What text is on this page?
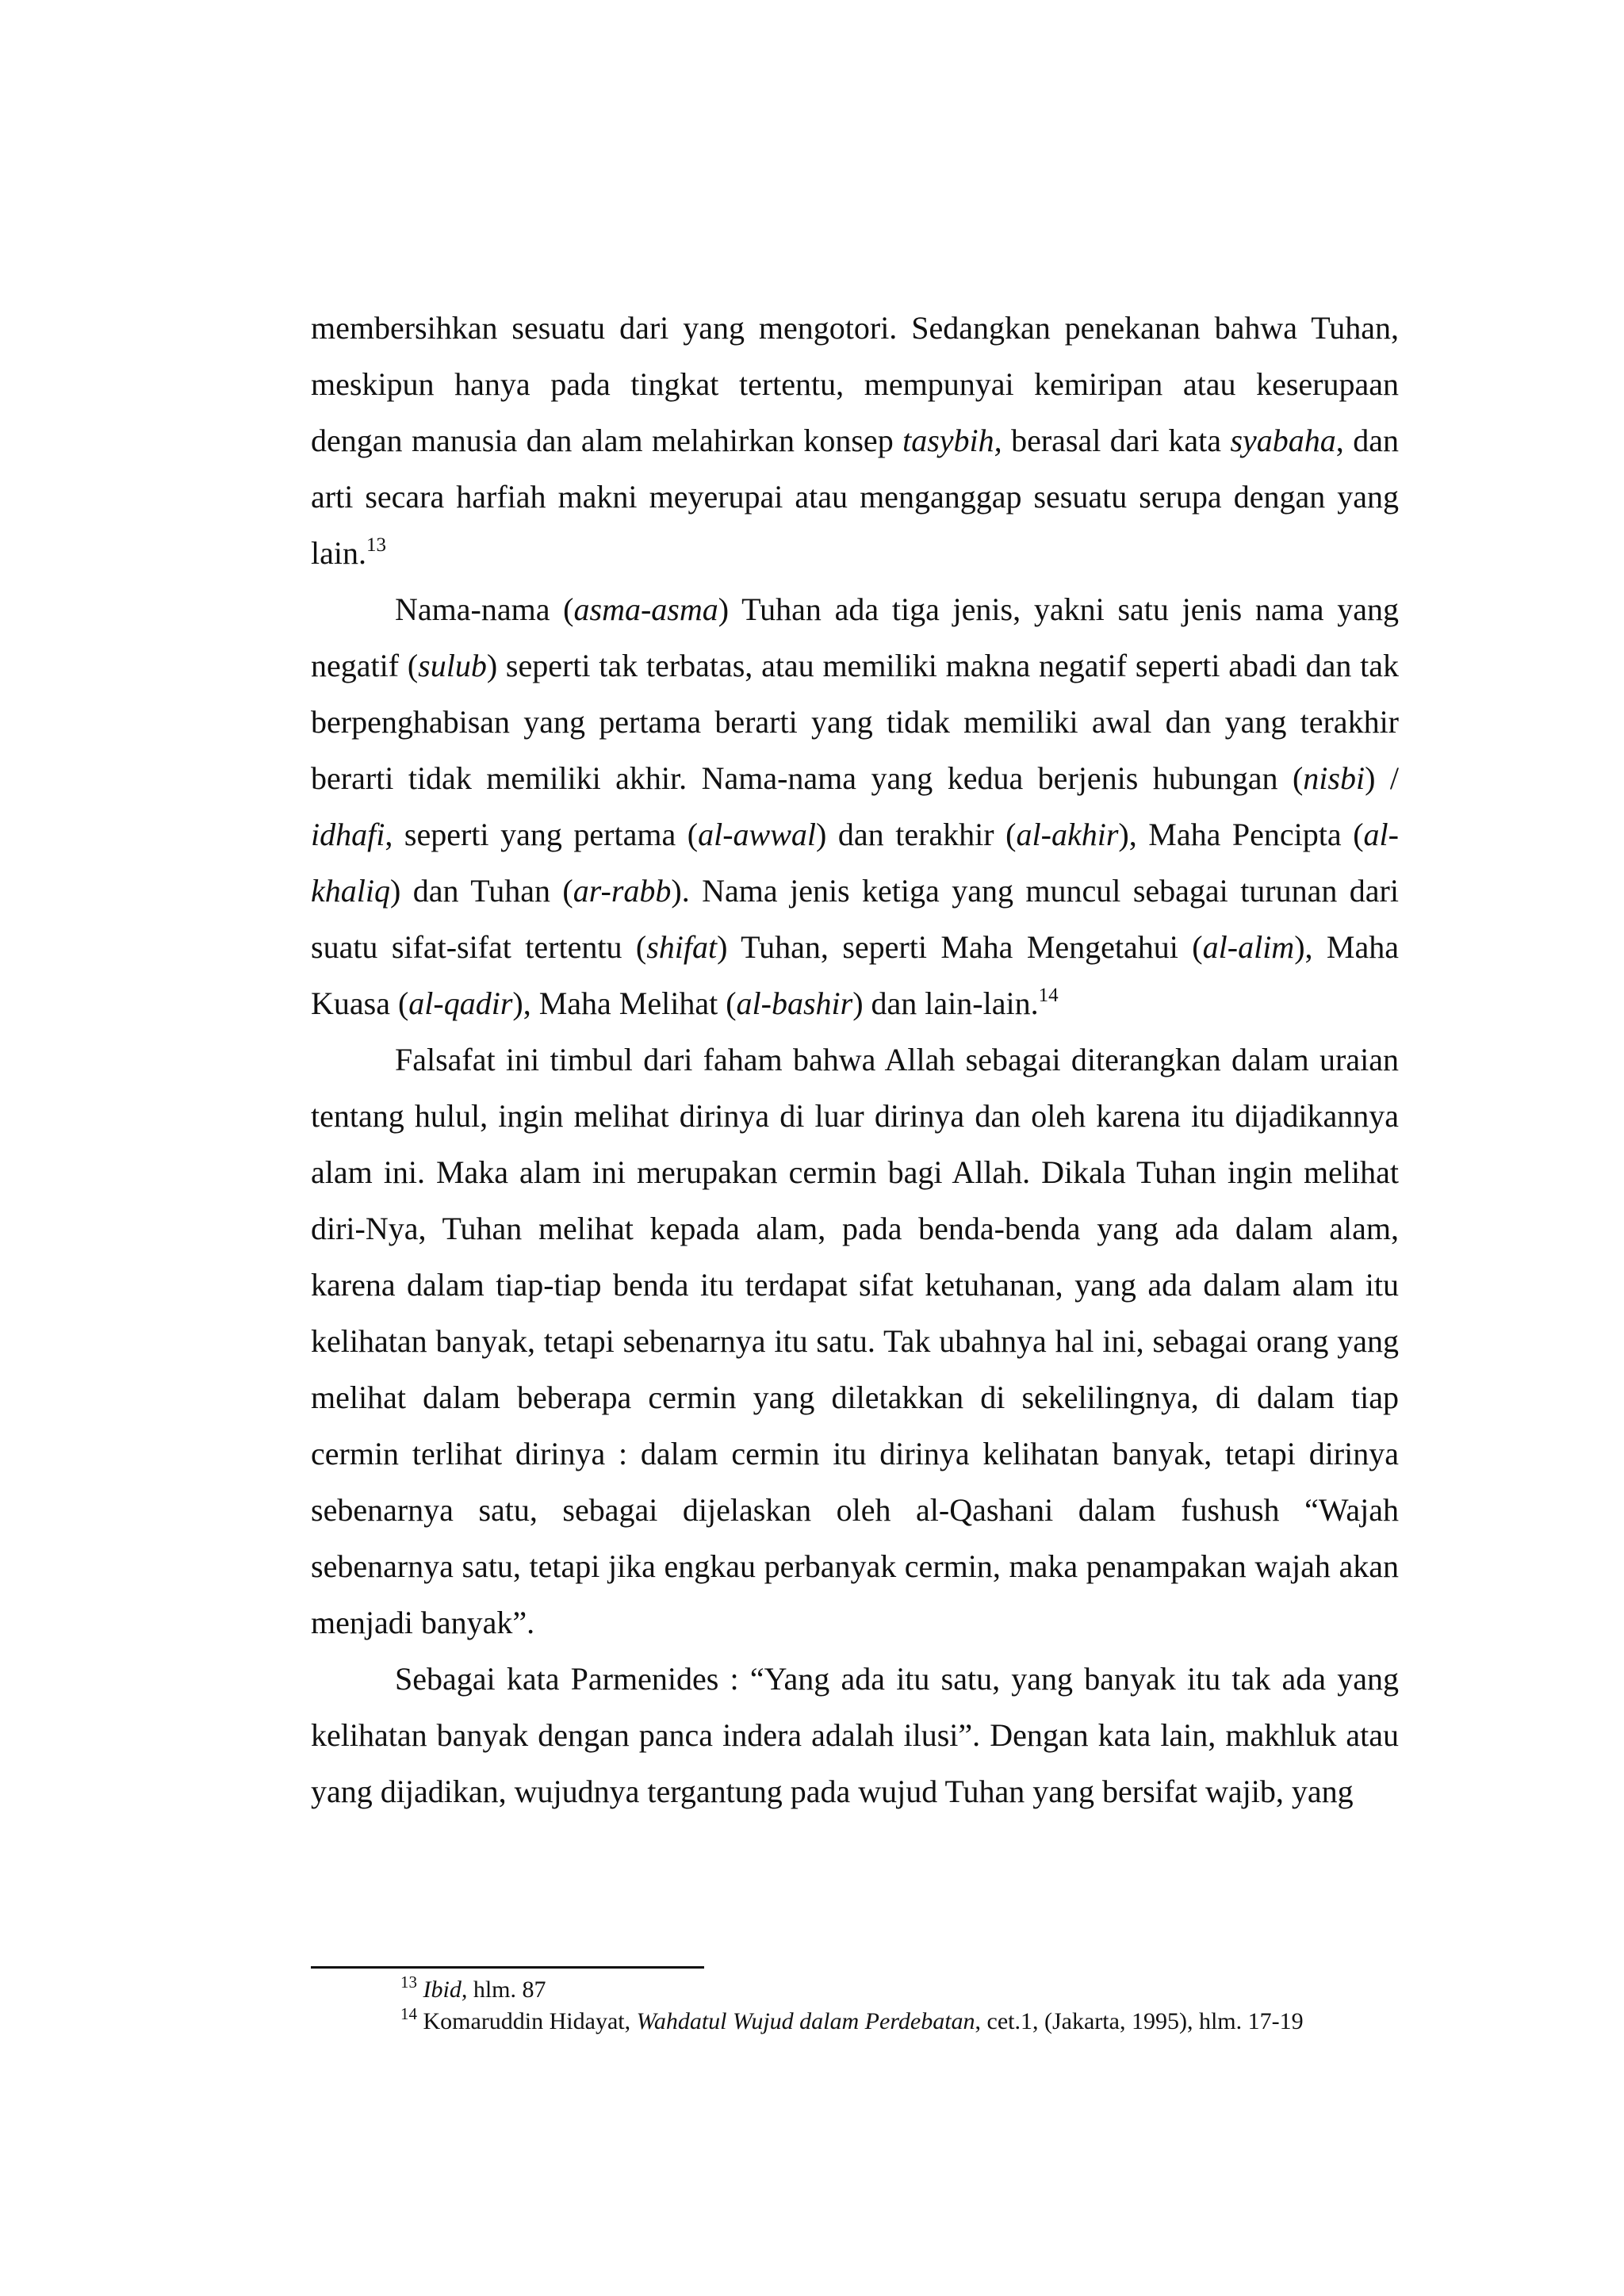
membersihkan sesuatu dari yang mengotori. Sedangkan penekanan bahwa Tuhan, meskipun hanya pada tingkat tertentu, mempunyai kemiripan atau keserupaan dengan manusia dan alam melahirkan konsep tasybih, berasal dari kata syabaha, dan arti secara harfiah makni meyerupai atau menganggap sesuatu serupa dengan yang lain.$^{13}$

Nama-nama (asma-asma) Tuhan ada tiga jenis, yakni satu jenis nama yang negatif (sulub) seperti tak terbatas, atau memiliki makna negatif seperti abadi dan tak berpenghabisan yang pertama berarti yang tidak memiliki awal dan yang terakhir berarti tidak memiliki akhir. Nama-nama yang kedua berjenis hubungan (nisbi) / idhafi, seperti yang pertama (al-awwal) dan terakhir (al-akhir), Maha Pencipta (al-khaliq) dan Tuhan (ar-rabb). Nama jenis ketiga yang muncul sebagai turunan dari suatu sifat-sifat tertentu (shifat) Tuhan, seperti Maha Mengetahui (al-alim), Maha Kuasa (al-qadir), Maha Melihat (al-bashir) dan lain-lain.$^{14}$

Falsafat ini timbul dari faham bahwa Allah sebagai diterangkan dalam uraian tentang hulul, ingin melihat dirinya di luar dirinya dan oleh karena itu dijadikannya alam ini. Maka alam ini merupakan cermin bagi Allah. Dikala Tuhan ingin melihat diri-Nya, Tuhan melihat kepada alam, pada benda-benda yang ada dalam alam, karena dalam tiap-tiap benda itu terdapat sifat ketuhanan, yang ada dalam alam itu kelihatan banyak, tetapi sebenarnya itu satu. Tak ubahnya hal ini, sebagai orang yang melihat dalam beberapa cermin yang diletakkan di sekelilingnya, di dalam tiap cermin terlihat dirinya : dalam cermin itu dirinya kelihatan banyak, tetapi dirinya sebenarnya satu, sebagai dijelaskan oleh al-Qashani dalam fushush “Wajah sebenarnya satu, tetapi jika engkau perbanyak cermin, maka penampakan wajah akan menjadi banyak”.

Sebagai kata Parmenides : “Yang ada itu satu, yang banyak itu tak ada yang kelihatan banyak dengan panca indera adalah ilusi”. Dengan kata lain, makhluk atau yang dijadikan, wujudnya tergantung pada wujud Tuhan yang bersifat wajib, yang

$^{13}$ Ibid, hlm. 87

$^{14}$ Komaruddin Hidayat, Wahdatul Wujud dalam Perdebatan, cet.1, (Jakarta, 1995), hlm. 17-19
